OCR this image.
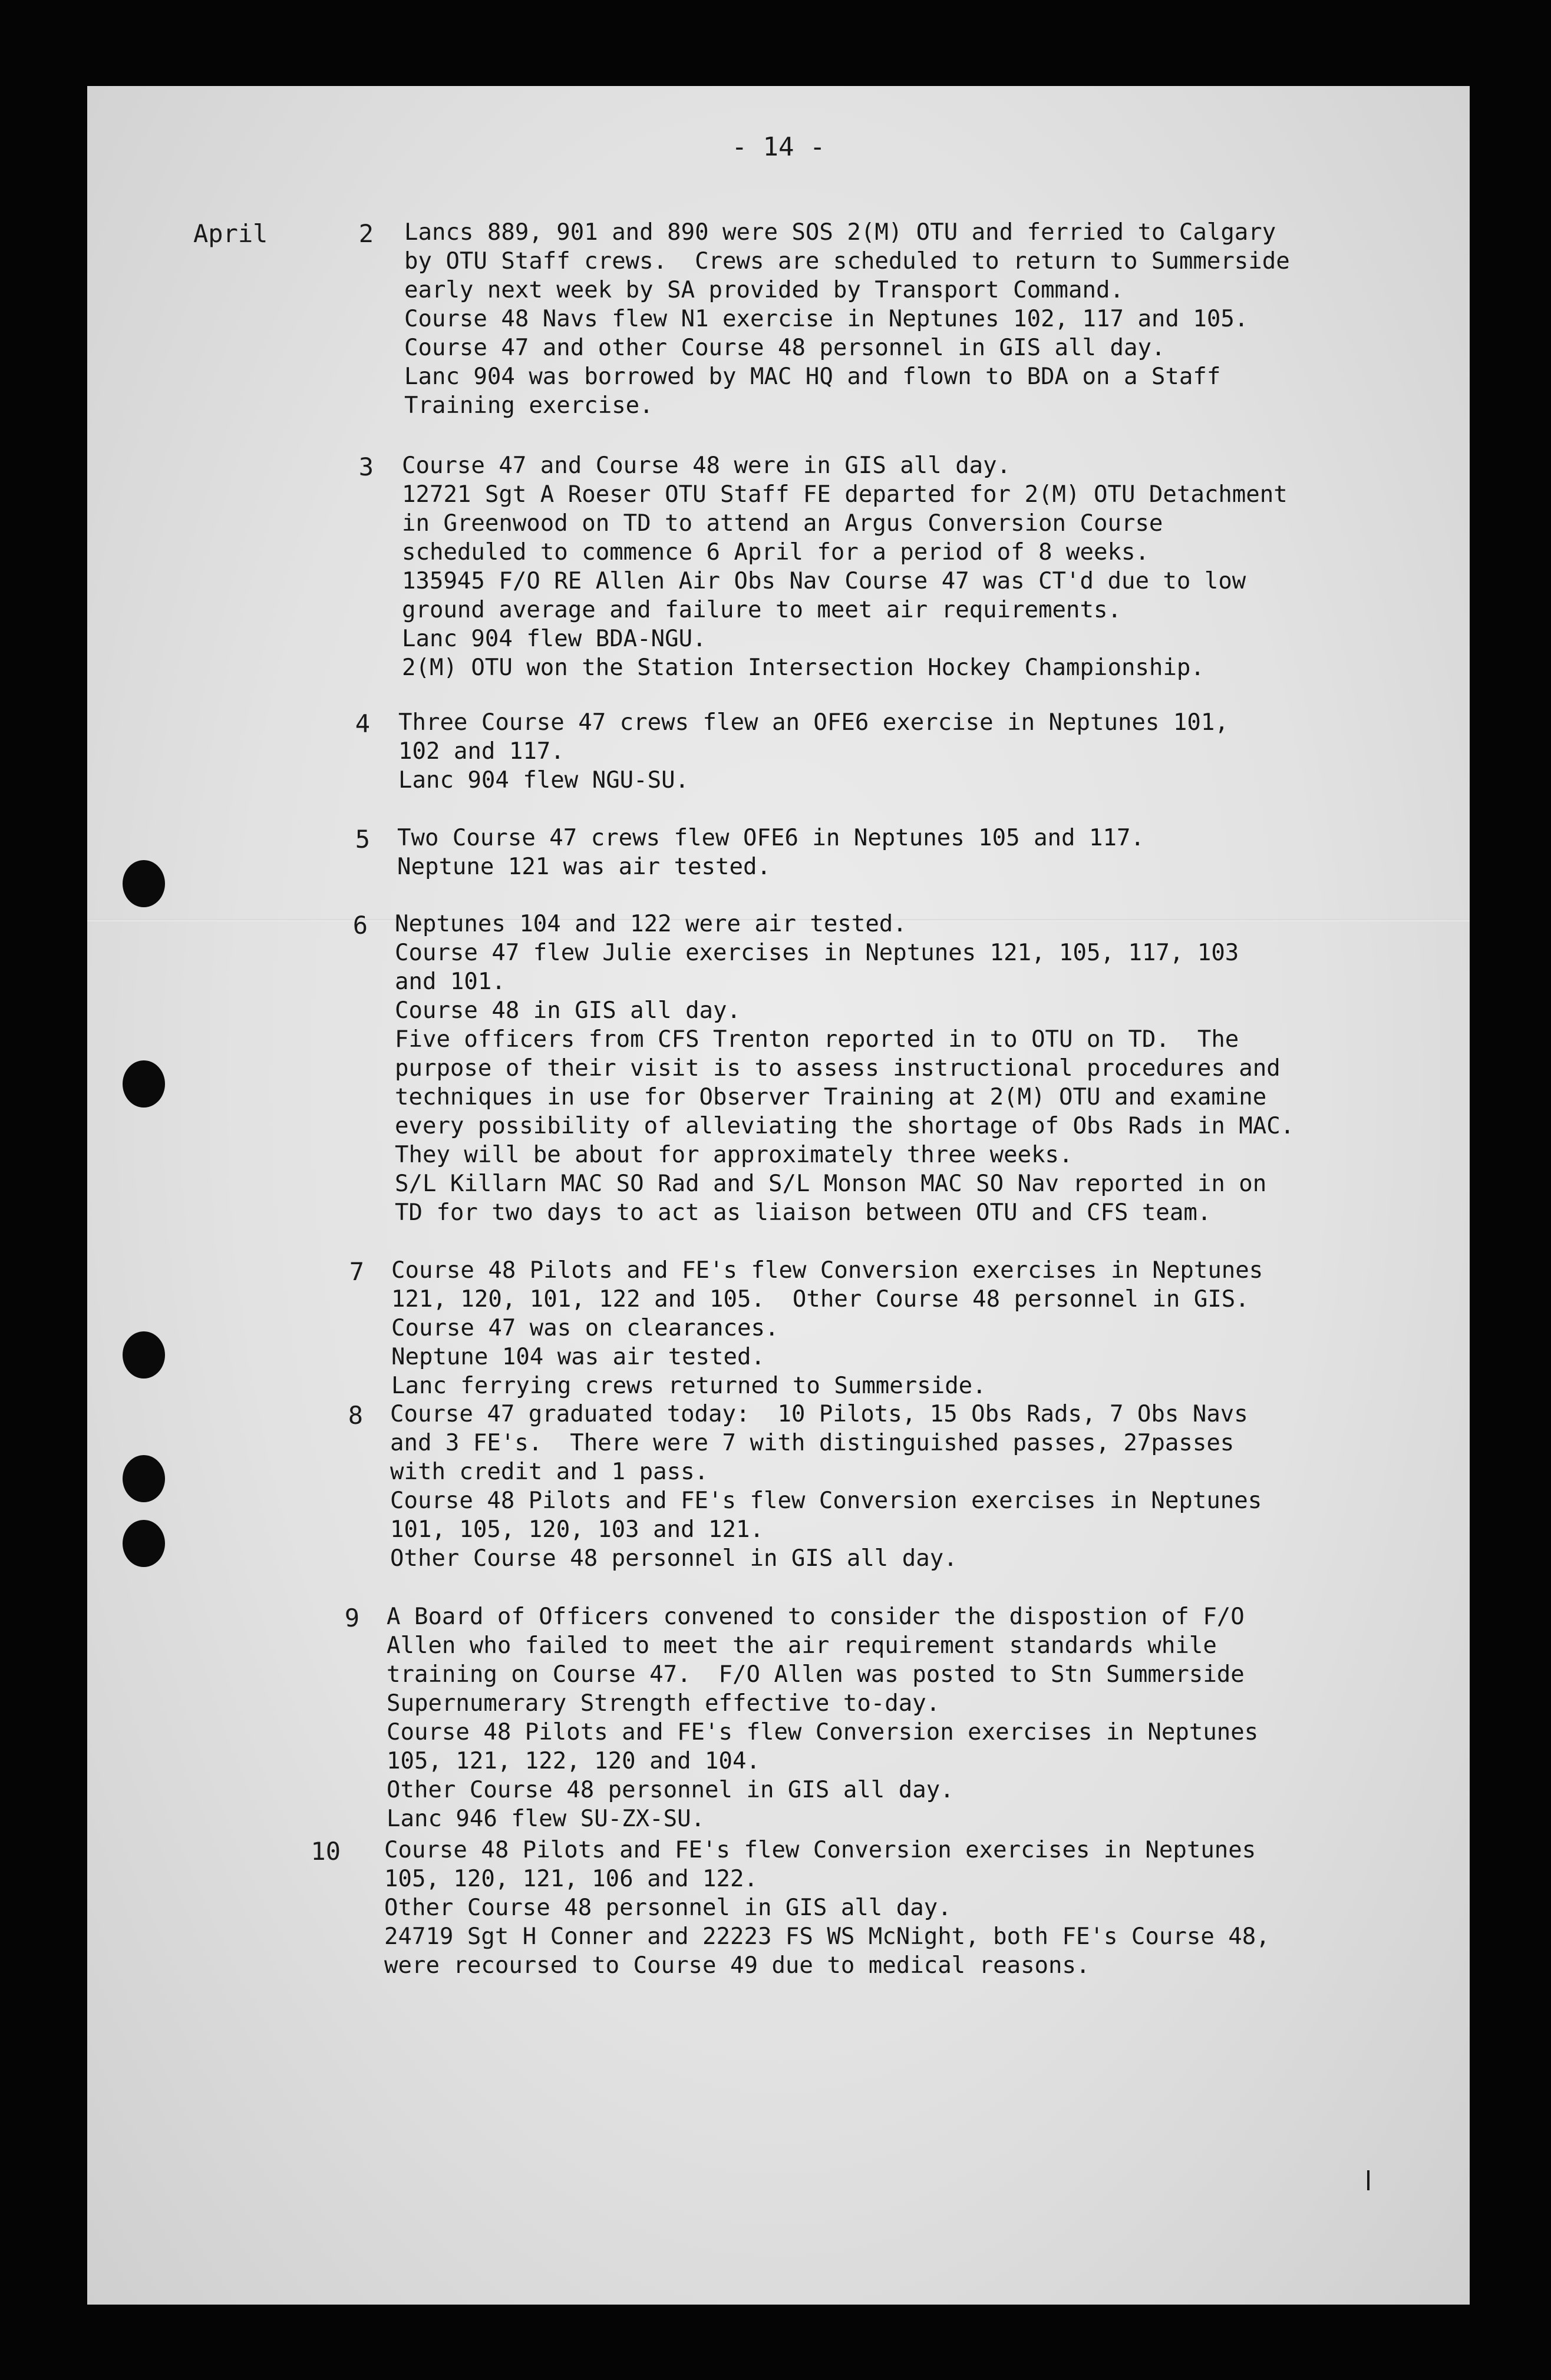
- 14 -
April	2 Lancs 889, 901 and 890 were SOS 2(M) OTU and ferried to Calgary
by OTU Staff crews.  Crews are scheduled to return to Summerside
early next week by SA provided by Transport Command.
Course 48 Navs flew N1 exercise in Neptunes 102, 117 and 105.
Course 47 and other Course 48 personnel in GIS all day.
Lanc 904 was borrowed by MAC HQ and flown to BDA on a Staff
Training exercise.
3 Course 47 and Course 48 were in GIS all day.
12721 Sgt A Roeser OTU Staff FE departed for 2(M) OTU Detachment
in Greenwood on TD to attend an Argus Conversion Course
scheduled to commence 6 April for a period of 8 weeks.
135945 F/O RE Allen Air Obs Nav Course 47 was CT'd due to low
ground average and failure to meet air requirements.
Lanc 904 flew BDA-NGU.
2(M) OTU won the Station Intersection Hockey Championship.
4 Three Course 47 crews flew an OFE6 exercise in Neptunes 101,
102 and 117.
Lanc 904 flew NGU-SU.
5 Two Course 47 crews flew OFE6 in Neptunes 105 and 117.
Neptune 121 was air tested.
6 Neptunes 104 and 122 were air tested.
Course 47 flew Julie exercises in Neptunes 121, 105, 117, 103
and 101.
Course 48 in GIS all day.
Five officers from CFS Trenton reported in to OTU on TD.  The
purpose of their visit is to assess instructional procedures and
techniques in use for Observer Training at 2(M) OTU and examine
every possibility of alleviating the shortage of Obs Rads in MAC.
They will be about for approximately three weeks.
S/L Killarn MAC SO Rad and S/L Monson MAC SO Nav reported in on
TD for two days to act as liaison between OTU and CFS team.
7 Course 48 Pilots and FE's flew Conversion exercises in Neptunes
121, 120, 101, 122 and 105.  Other Course 48 personnel in GIS.
Course 47 was on clearances.
Neptune 104 was air tested.
Lanc ferrying crews returned to Summerside.
8 Course 47 graduated today:  10 Pilots, 15 Obs Rads, 7 Obs Navs
and 3 FE's.  There were 7 with distinguished passes, 27passes
with credit and 1 pass.
Course 48 Pilots and FE's flew Conversion exercises in Neptunes
101, 105, 120, 103 and 121.
Other Course 48 personnel in GIS all day.
9 A Board of Officers convened to consider the dispostion of F/O
Allen who failed to meet the air requirement standards while
training on Course 47.  F/O Allen was posted to Stn Summerside
Supernumerary Strength effective to-day.
Course 48 Pilots and FE's flew Conversion exercises in Neptunes
105, 121, 122, 120 and 104.
Other Course 48 personnel in GIS all day.
Lanc 946 flew SU-ZX-SU.
10 Course 48 Pilots and FE's flew Conversion exercises in Neptunes
105, 120, 121, 106 and 122.
Other Course 48 personnel in GIS all day.
24719 Sgt H Conner and 22223 FS WS McNight, both FE's Course 48,
were recoursed to Course 49 due to medical reasons.
